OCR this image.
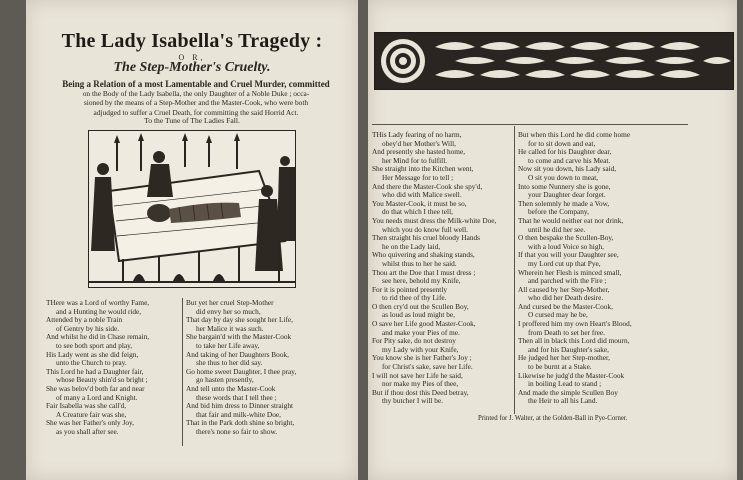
The Lady Isabella's Tragedy :
O R,
The Step-Mother's Cruelty.
Being a Relation of a most Lamentable and Cruel Murder, committed
on the Body of the Lady Isabella, the only Daughter of a Noble Duke ; occa-
sioned by the means of a Step-Mother and the Master-Cook, who were both
adjudged to suffer a Cruel Death, for committing the said Horrid Act.
To the Tune of The Ladies Fall.
THere was a Lord of worthy Fame,
and a Hunting he would ride,
Attended by a noble Train
of Gentry by his side.
And whilst he did in Chase remain,
to see both sport and play,
His Lady went as she did feign,
unto the Church to pray.
This Lord he had a Daughter fair,
whose Beauty shin'd so bright ;
She was belov'd both far and near
of many a Lord and Knight.
Fair Isabella was she call'd,
A Creature fair was she,
She was her Father's only Joy,
as you shall after see.
But yet her cruel Step-Mother
did envy her so much,
That day by day she sought her Life,
her Malice it was such.
She bargain'd with the Master-Cook
to take her Life away,
And taking of her Daughters Book,
she thus to her did say.
Go home sweet Daughter, I thee pray,
go hasten presently,
And tell unto the Master-Cook
these words that I tell thee ;
And bid him dress to Dinner straight
that fair and milk-white Doe,
That in the Park doth shine so bright,
there's none so fair to show.
THis Lady fearing of no harm,
obey'd her Mother's Will,
And presently she hasted home,
her Mind for to fulfill.
She straight into the Kitchen went,
Her Message for to tell ;
And there the Master-Cook she spy'd,
who did with Malice swell.
You Master-Cook, it must be so,
do that which I thee tell,
You needs must dress the Milk-white Doe,
which you do know full well.
Then straight his cruel bloody Hands
he on the Lady laid,
Who quivering and shaking stands,
whilst thus to her he said.
Thou art the Doe that I must dress ;
see here, behold my Knife,
For it is pointed presently
to rid thee of thy Life.
O then cry'd out the Scullen Boy,
as loud as loud might be,
O save her Life good Master-Cook,
and make your Pies of me.
For Pity sake, do not destroy
my Lady with your Knife,
You know she is her Father's Joy ;
for Christ's sake, save her Life.
I will not save her Life he said,
nor make my Pies of thee,
But if thou dost this Deed betray,
thy butcher I will be.
But when this Lord he did come home
for to sit down and eat,
He called for his Daughter dear,
to come and carve his Meat.
Now sit you down, his Lady said,
O sit you down to meat,
Into some Nunnery she is gone,
your Daughter dear forget.
Then solemnly he made a Vow,
before the Company,
That he would neither eat nor drink,
until he did her see.
O then bespake the Scullen-Boy,
with a loud Voice so high,
If that you will your Daughter see,
my Lord cut up that Pye,
Wherein her Flesh is minced small,
and parched with the Fire ;
All caused by her Step-Mother,
who did her Death desire.
And cursed be the Master-Cook,
O cursed may he be,
I proffered him my own Heart's Blood,
from Death to set her free.
Then all in black this Lord did mourn,
and for his Daughter's sake,
He judged her her Step-mother,
to be burnt at a Stake.
Likewise he judg'd the Master-Cook
in boiling Lead to stand ;
And made the simple Scullen Boy
the Heir to all his Land.
Printed for J. Walter, at the Golden-Ball in Pye-Corner.
